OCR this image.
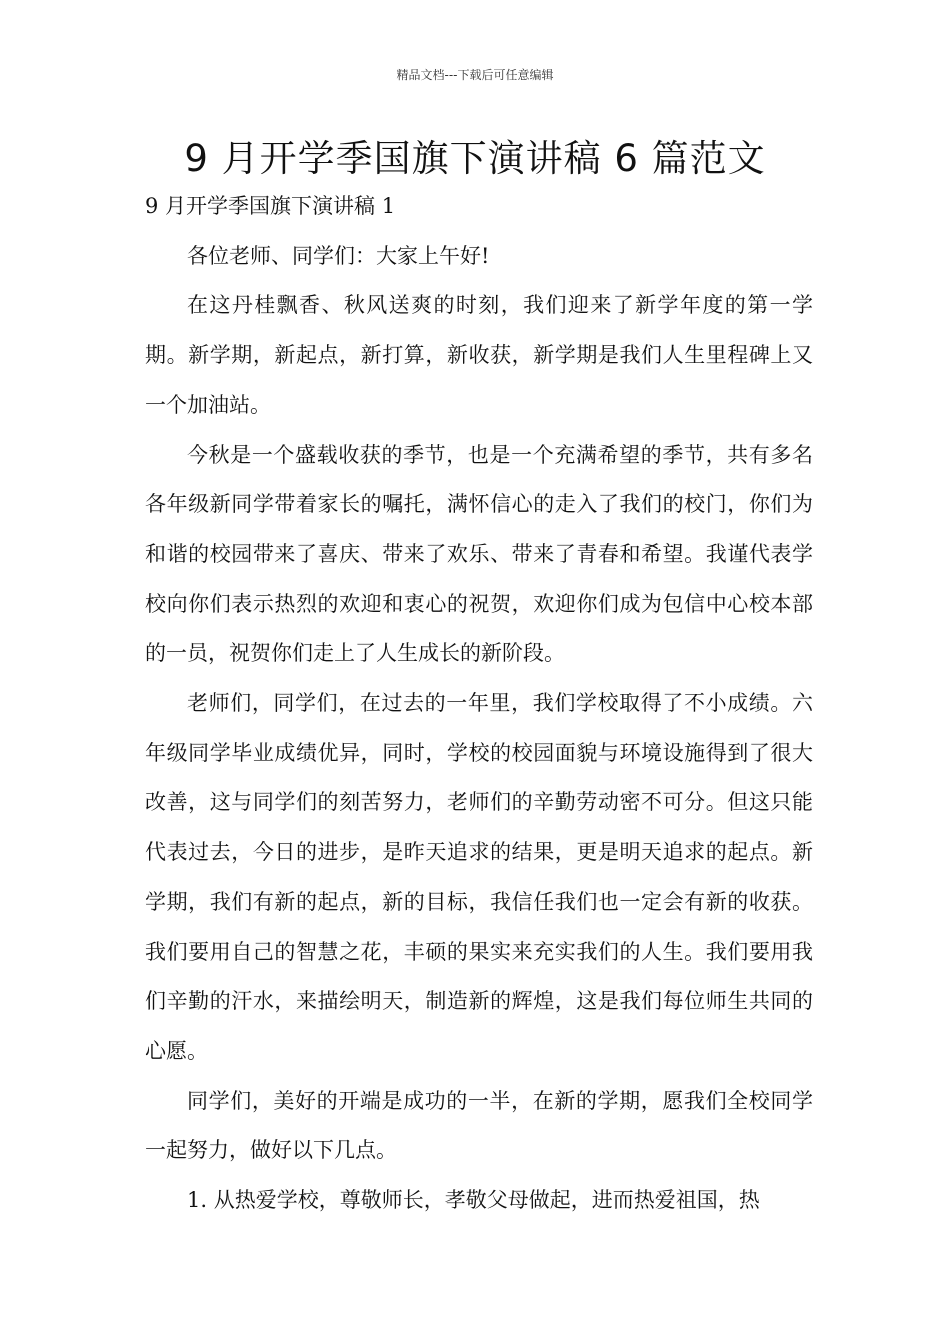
精品文档---下载后可任意编辑
9 月开学季国旗下演讲稿 6 篇范文

9 月开学季国旗下演讲稿 1

各位老师、同学们：大家上午好!

在这丹桂飘香、秋风送爽的时刻，我们迎来了新学年度的第一学期。新学期，新起点，新打算，新收获，新学期是我们人生里程碑上又一个加油站。

今秋是一个盛载收获的季节，也是一个充满希望的季节，共有多名各年级新同学带着家长的嘱托，满怀信心的走入了我们的校门，你们为和谐的校园带来了喜庆、带来了欢乐、带来了青春和希望。我谨代表学校向你们表示热烈的欢迎和衷心的祝贺，欢迎你们成为包信中心校本部的一员，祝贺你们走上了人生成长的新阶段。

老师们，同学们，在过去的一年里，我们学校取得了不小成绩。六年级同学毕业成绩优异，同时，学校的校园面貌与环境设施得到了很大改善，这与同学们的刻苦努力，老师们的辛勤劳动密不可分。但这只能代表过去，今日的进步，是昨天追求的结果，更是明天追求的起点。新学期，我们有新的起点，新的目标，我信任我们也一定会有新的收获。我们要用自己的智慧之花，丰硕的果实来充实我们的人生。我们要用我们辛勤的汗水，来描绘明天，制造新的辉煌，这是我们每位师生共同的心愿。

同学们，美好的开端是成功的一半，在新的学期，愿我们全校同学一起努力，做好以下几点。

1. 从热爱学校，尊敬师长，孝敬父母做起，进而热爱祖国，热
